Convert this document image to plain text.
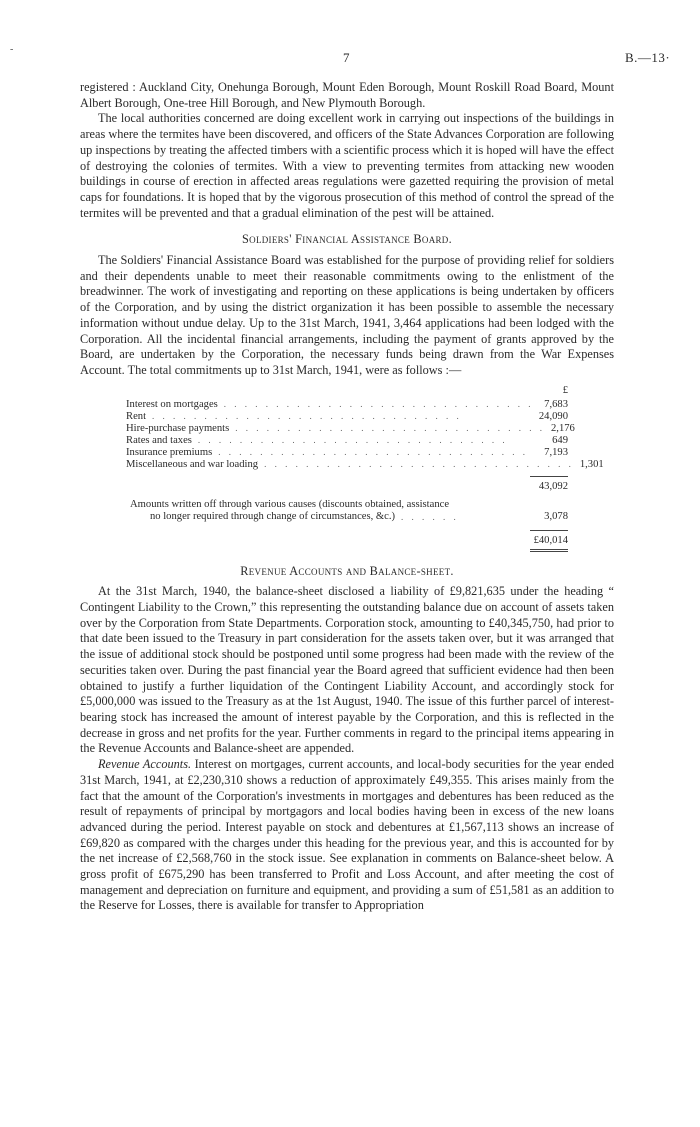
-
7	B.—13·

registered : Auckland City, Onehunga Borough, Mount Eden Borough, Mount Roskill Road Board, Mount Albert Borough, One-tree Hill Borough, and New Plymouth Borough.

The local authorities concerned are doing excellent work in carrying out inspections of the buildings in areas where the termites have been discovered, and officers of the State Advances Corporation are following up inspections by treating the affected timbers with a scientific process which it is hoped will have the effect of destroying the colonies of termites. With a view to preventing termites from attacking new wooden buildings in course of erection in affected areas regulations were gazetted requiring the provision of metal caps for foundations. It is hoped that by the vigorous prosecution of this method of control the spread of the termites will be prevented and that a gradual elimination of the pest will be attained.

Soldiers' Financial Assistance Board.

The Soldiers' Financial Assistance Board was established for the purpose of providing relief for soldiers and their dependents unable to meet their reasonable commitments owing to the enlistment of the breadwinner. The work of investigating and reporting on these applications is being undertaken by officers of the Corporation, and by using the district organization it has been possible to assemble the necessary information without undue delay. Up to the 31st March, 1941, 3,464 applications had been lodged with the Corporation. All the incidental financial arrangements, including the payment of grants approved by the Board, are undertaken by the Corporation, the necessary funds being drawn from the War Expenses Account. The total commitments up to 31st March, 1941, were as follows :—

£
Interest on mortgages . . . . . . . . . . . . . . . . . . . . . . . . . . . . . .	7,683
Rent . . . . . . . . . . . . . . . . . . . . . . . . . . . . . .	24,090
Hire-purchase payments . . . . . . . . . . . . . . . . . . . . . . . . . . . . . . 2,176
Rates and taxes . . . . . . . . . . . . . . . . . . . . . . . . . . . . . .	649
Insurance premiums . . . . . . . . . . . . . . . . . . . . . . . . . . . . . .	7,193
Miscellaneous and war loading . . . . . . . . . . . . . . . . . . . . . . . . . . . . . . 1,301
43,092
Amounts written off through various causes (discounts obtained, assistance
no longer required through change of circumstances, &c.) . . . . . .	3,078
£40,014
Revenue Accounts and Balance-sheet.

At the 31st March, 1940, the balance-sheet disclosed a liability of £9,821,635 under the heading “ Contingent Liability to the Crown,” this representing the outstanding balance due on account of assets taken over by the Corporation from State Departments. Corporation stock, amounting to £40,345,750, had prior to that date been issued to the Treasury in part consideration for the assets taken over, but it was arranged that the issue of additional stock should be postponed until some progress had been made with the review of the securities taken over. During the past financial year the Board agreed that sufficient evidence had then been obtained to justify a further liquidation of the Contingent Liability Account, and accordingly stock for £5,000,000 was issued to the Treasury as at the 1st August, 1940. The issue of this further parcel of interest-bearing stock has increased the amount of interest payable by the Corporation, and this is reflected in the decrease in gross and net profits for the year. Further comments in regard to the principal items appearing in the Revenue Accounts and Balance-sheet are appended.

Revenue Accounts. Interest on mortgages, current accounts, and local-body securities for the year ended 31st March, 1941, at £2,230,310 shows a reduction of approximately £49,355. This arises mainly from the fact that the amount of the Corporation's investments in mortgages and debentures has been reduced as the result of repayments of principal by mortgagors and local bodies having been in excess of the new loans advanced during the period. Interest payable on stock and debentures at £1,567,113 shows an increase of £69,820 as compared with the charges under this heading for the previous year, and this is accounted for by the net increase of £2,568,760 in the stock issue. See explanation in comments on Balance-sheet below. A gross profit of £675,290 has been transferred to Profit and Loss Account, and after meeting the cost of management and depreciation on furniture and equipment, and providing a sum of £51,581 as an addition to the Reserve for Losses, there is available for transfer to Appropriation
